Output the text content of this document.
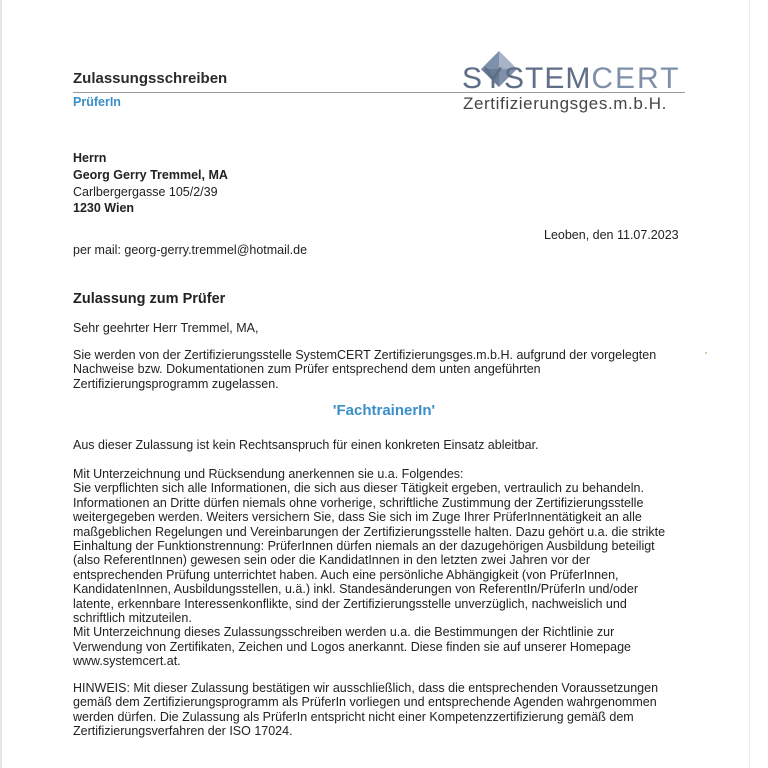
Zulassungsschreiben
PrüferIn
SYSTEMCERT
Zertifizierungsges.m.b.H.
Herrn
Georg Gerry Tremmel, MA
Carlbergergasse 105/2/39
1230 Wien
Leoben, den 11.07.2023
per mail: georg-gerry.tremmel@hotmail.de
Zulassung zum Prüfer
Sehr geehrter Herr Tremmel, MA,
Sie werden von der Zertifizierungsstelle SystemCERT Zertifizierungsges.m.b.H. aufgrund der vorgelegten
Nachweise bzw. Dokumentationen zum Prüfer entsprechend dem unten angeführten
Zertifizierungsprogramm zugelassen.
'FachtrainerIn'
Aus dieser Zulassung ist kein Rechtsanspruch für einen konkreten Einsatz ableitbar.
Mit Unterzeichnung und Rücksendung anerkennen sie u.a. Folgendes:
Sie verpflichten sich alle Informationen, die sich aus dieser Tätigkeit ergeben, vertraulich zu behandeln.
Informationen an Dritte dürfen niemals ohne vorherige, schriftliche Zustimmung der Zertifizierungsstelle
weitergegeben werden. Weiters versichern Sie, dass Sie sich im Zuge Ihrer PrüferInnentätigkeit an alle
maßgeblichen Regelungen und Vereinbarungen der Zertifizierungsstelle halten. Dazu gehört u.a. die strikte
Einhaltung der Funktionstrennung: PrüferInnen dürfen niemals an der dazugehörigen Ausbildung beteiligt
(also ReferentInnen) gewesen sein oder die KandidatInnen in den letzten zwei Jahren vor der
entsprechenden Prüfung unterrichtet haben. Auch eine persönliche Abhängigkeit (von PrüferInnen,
KandidatenInnen, Ausbildungsstellen, u.ä.) inkl. Standesänderungen von ReferentIn/PrüferIn und/oder
latente, erkennbare Interessenkonflikte, sind der Zertifizierungsstelle unverzüglich, nachweislich und
schriftlich mitzuteilen.
Mit Unterzeichnung dieses Zulassungsschreiben werden u.a. die Bestimmungen der Richtlinie zur
Verwendung von Zertifikaten, Zeichen und Logos anerkannt. Diese finden sie auf unserer Homepage
www.systemcert.at.
HINWEIS: Mit dieser Zulassung bestätigen wir ausschließlich, dass die entsprechenden Voraussetzungen
gemäß dem Zertifizierungsprogramm als PrüferIn vorliegen und entsprechende Agenden wahrgenommen
werden dürfen. Die Zulassung als PrüferIn entspricht nicht einer Kompetenzzertifizierung gemäß dem
Zertifizierungsverfahren der ISO 17024.
